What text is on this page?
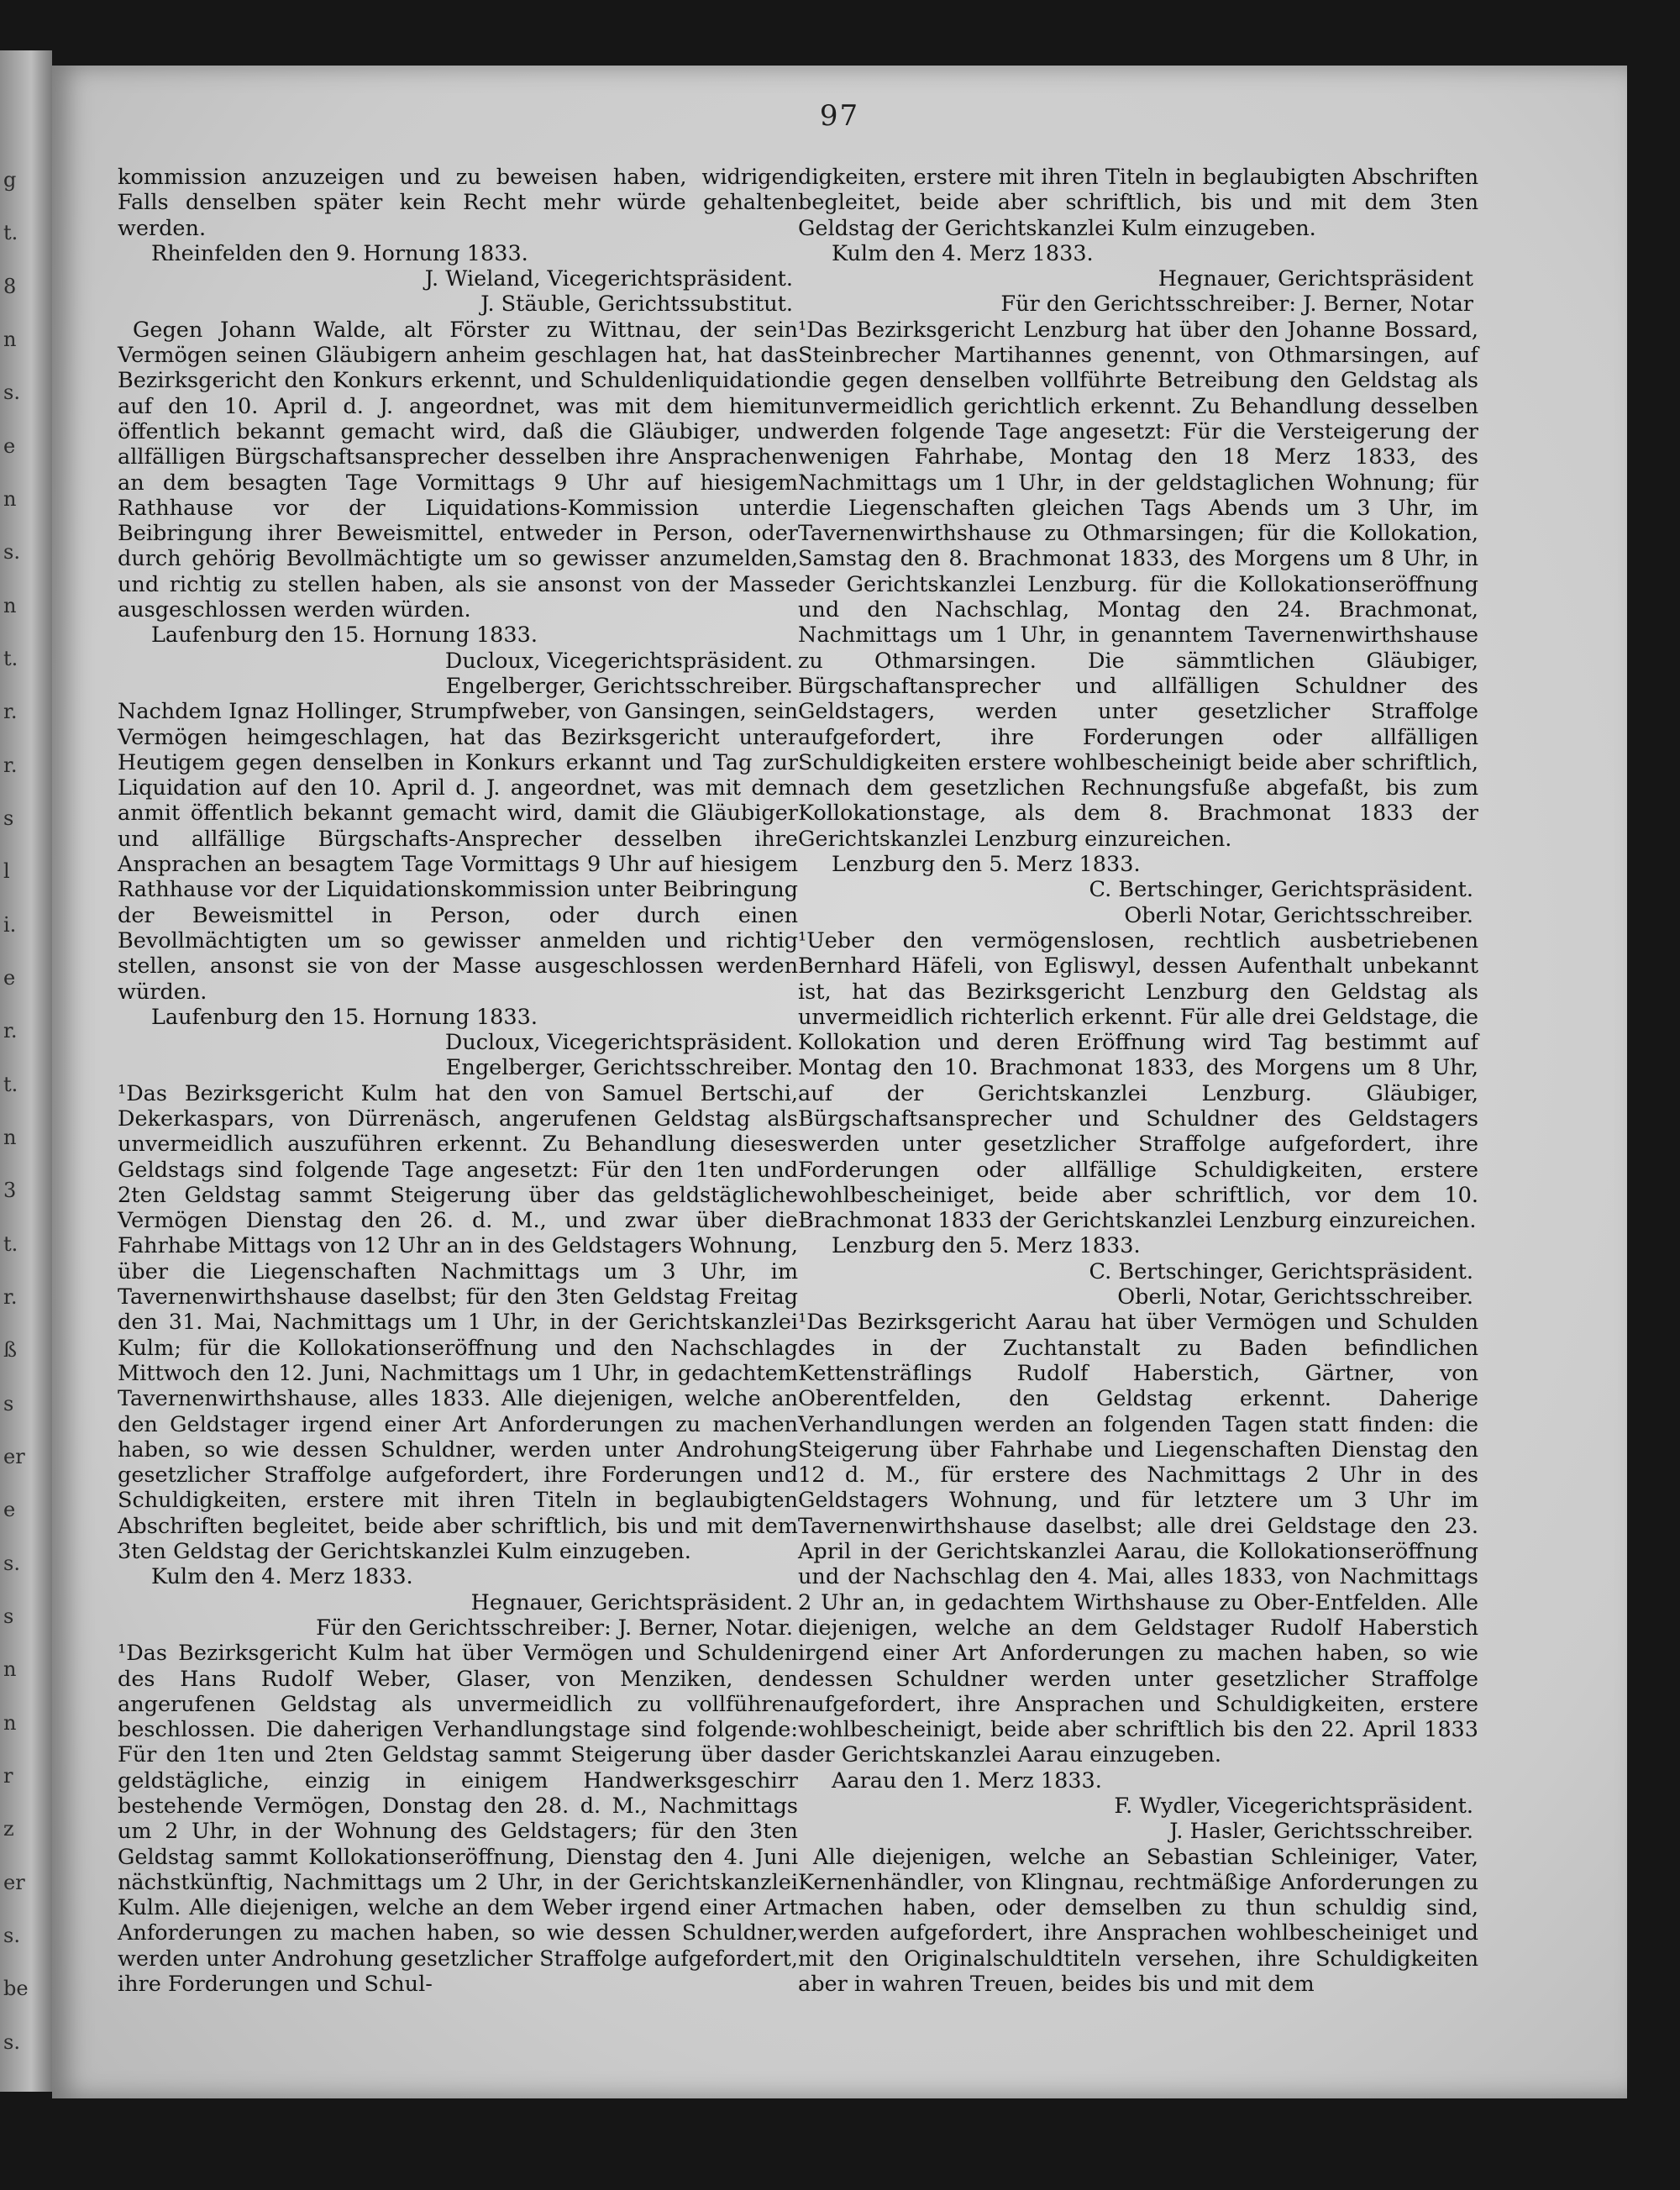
g
t.
8
n
s.
e
n
s.
n
t.
r.
r.
s
l
i.
e
r.
t.
n
3
t.
r.
ß
s
er
e
s.
s
n
n
r
z
er
s.
be
s.
97

kommission anzuzeigen und zu beweisen haben, widrigen Falls denselben später kein Recht mehr würde gehalten werden.

Rheinfelden den 9. Hornung 1833.
J. Wieland, Vicegerichtspräsident.
J. Stäuble, Gerichtssubstitut.

Gegen Johann Walde, alt Förster zu Wittnau, der sein Vermögen seinen Gläubigern anheim geschlagen hat, hat das Bezirksgericht den Konkurs erkennt, und Schuldenliquidation auf den 10. April d. J. angeordnet, was mit dem hiemit öffentlich bekannt gemacht wird, daß die Gläubiger, und allfälligen Bürgschaftsansprecher desselben ihre Ansprachen an dem besagten Tage Vormittags 9 Uhr auf hiesigem Rathhause vor der Liquidations-Kommission unter Beibringung ihrer Beweismittel, entweder in Person, oder durch gehörig Bevollmächtigte um so gewisser anzumelden, und richtig zu stellen haben, als sie ansonst von der Masse ausgeschlossen werden würden.

Laufenburg den 15. Hornung 1833.
Ducloux, Vicegerichtspräsident.
Engelberger, Gerichtsschreiber.

Nachdem Ignaz Hollinger, Strumpfweber, von Gansingen, sein Vermögen heimgeschlagen, hat das Bezirksgericht unter Heutigem gegen denselben in Konkurs erkannt und Tag zur Liquidation auf den 10. April d. J. angeordnet, was mit dem anmit öffentlich bekannt gemacht wird, damit die Gläubiger und allfällige Bürgschafts-Ansprecher desselben ihre Ansprachen an besagtem Tage Vormittags 9 Uhr auf hiesigem Rathhause vor der Liquidationskommission unter Beibringung der Beweismittel in Person, oder durch einen Bevollmächtigten um so gewisser anmelden und richtig stellen, ansonst sie von der Masse ausgeschlossen werden würden.

Laufenburg den 15. Hornung 1833.
Ducloux, Vicegerichtspräsident.
Engelberger, Gerichtsschreiber.

¹Das Bezirksgericht Kulm hat den von Samuel Bertschi, Dekerkaspars, von Dürrenäsch, angerufenen Geldstag als unvermeidlich auszuführen erkennt. Zu Behandlung dieses Geldstags sind folgende Tage angesetzt: Für den 1ten und 2ten Geldstag sammt Steigerung über das geldstägliche Vermögen Dienstag den 26. d. M., und zwar über die Fahrhabe Mittags von 12 Uhr an in des Geldstagers Wohnung, über die Liegenschaften Nachmittags um 3 Uhr, im Tavernenwirthshause daselbst; für den 3ten Geldstag Freitag den 31. Mai, Nachmittags um 1 Uhr, in der Gerichtskanzlei Kulm; für die Kollokationseröffnung und den Nachschlag Mittwoch den 12. Juni, Nachmittags um 1 Uhr, in gedachtem Tavernenwirthshause, alles 1833. Alle diejenigen, welche an den Geldstager irgend einer Art Anforderungen zu machen haben, so wie dessen Schuldner, werden unter Androhung gesetzlicher Straffolge aufgefordert, ihre Forderungen und Schuldigkeiten, erstere mit ihren Titeln in beglaubigten Abschriften begleitet, beide aber schriftlich, bis und mit dem 3ten Geldstag der Gerichtskanzlei Kulm einzugeben.

Kulm den 4. Merz 1833.
Hegnauer, Gerichtspräsident.
Für den Gerichtsschreiber: J. Berner, Notar.

¹Das Bezirksgericht Kulm hat über Vermögen und Schulden des Hans Rudolf Weber, Glaser, von Menziken, den angerufenen Geldstag als unvermeidlich zu vollführen beschlossen. Die daherigen Verhandlungstage sind folgende: Für den 1ten und 2ten Geldstag sammt Steigerung über das geldstägliche, einzig in einigem Handwerksgeschirr bestehende Vermögen, Donstag den 28. d. M., Nachmittags um 2 Uhr, in der Wohnung des Geldstagers; für den 3ten Geldstag sammt Kollokationseröffnung, Dienstag den 4. Juni nächstkünftig, Nachmittags um 2 Uhr, in der Gerichtskanzlei Kulm. Alle diejenigen, welche an dem Weber irgend einer Art Anforderungen zu machen haben, so wie dessen Schuldner, werden unter Androhung gesetzlicher Straffolge aufgefordert, ihre Forderungen und Schul-

digkeiten, erstere mit ihren Titeln in beglaubigten Abschriften begleitet, beide aber schriftlich, bis und mit dem 3ten Geldstag der Gerichtskanzlei Kulm einzugeben.

Kulm den 4. Merz 1833.
Hegnauer, Gerichtspräsident
Für den Gerichtsschreiber: J. Berner, Notar

¹Das Bezirksgericht Lenzburg hat über den Johanne Bossard, Steinbrecher Martihannes genennt, von Othmarsingen, auf die gegen denselben vollführte Betreibung den Geldstag als unvermeidlich gerichtlich erkennt. Zu Behandlung desselben werden folgende Tage angesetzt: Für die Versteigerung der wenigen Fahrhabe, Montag den 18 Merz 1833, des Nachmittags um 1 Uhr, in der geldstaglichen Wohnung; für die Liegenschaften gleichen Tags Abends um 3 Uhr, im Tavernenwirthshause zu Othmarsingen; für die Kollokation, Samstag den 8. Brachmonat 1833, des Morgens um 8 Uhr, in der Gerichtskanzlei Lenzburg. für die Kollokationseröffnung und den Nachschlag, Montag den 24. Brachmonat, Nachmittags um 1 Uhr, in genanntem Tavernenwirthshause zu Othmarsingen. Die sämmtlichen Gläubiger, Bürgschaftansprecher und allfälligen Schuldner des Geldstagers, werden unter gesetzlicher Straffolge aufgefordert, ihre Forderungen oder allfälligen Schuldigkeiten erstere wohlbescheinigt beide aber schriftlich, nach dem gesetzlichen Rechnungsfuße abgefaßt, bis zum Kollokationstage, als dem 8. Brachmonat 1833 der Gerichtskanzlei Lenzburg einzureichen.

Lenzburg den 5. Merz 1833.
C. Bertschinger, Gerichtspräsident.
Oberli Notar, Gerichtsschreiber.

¹Ueber den vermögenslosen, rechtlich ausbetriebenen Bernhard Häfeli, von Egliswyl, dessen Aufenthalt unbekannt ist, hat das Bezirksgericht Lenzburg den Geldstag als unvermeidlich richterlich erkennt. Für alle drei Geldstage, die Kollokation und deren Eröffnung wird Tag bestimmt auf Montag den 10. Brachmonat 1833, des Morgens um 8 Uhr, auf der Gerichtskanzlei Lenzburg. Gläubiger, Bürgschaftsansprecher und Schuldner des Geldstagers werden unter gesetzlicher Straffolge aufgefordert, ihre Forderungen oder allfällige Schuldigkeiten, erstere wohlbescheiniget, beide aber schriftlich, vor dem 10. Brachmonat 1833 der Gerichtskanzlei Lenzburg einzureichen.

Lenzburg den 5. Merz 1833.
C. Bertschinger, Gerichtspräsident.
Oberli, Notar, Gerichtsschreiber.

¹Das Bezirksgericht Aarau hat über Vermögen und Schulden des in der Zuchtanstalt zu Baden befindlichen Kettensträflings Rudolf Haberstich, Gärtner, von Oberentfelden, den Geldstag erkennt. Daherige Verhandlungen werden an folgenden Tagen statt finden: die Steigerung über Fahrhabe und Liegenschaften Dienstag den 12 d. M., für erstere des Nachmittags 2 Uhr in des Geldstagers Wohnung, und für letztere um 3 Uhr im Tavernenwirthshause daselbst; alle drei Geldstage den 23. April in der Gerichtskanzlei Aarau, die Kollokationseröffnung und der Nachschlag den 4. Mai, alles 1833, von Nachmittags 2 Uhr an, in gedachtem Wirthshause zu Ober-Entfelden. Alle diejenigen, welche an dem Geldstager Rudolf Haberstich irgend einer Art Anforderungen zu machen haben, so wie dessen Schuldner werden unter gesetzlicher Straffolge aufgefordert, ihre Ansprachen und Schuldigkeiten, erstere wohlbescheinigt, beide aber schriftlich bis den 22. April 1833 der Gerichtskanzlei Aarau einzugeben.

Aarau den 1. Merz 1833.
F. Wydler, Vicegerichtspräsident.
J. Hasler, Gerichtsschreiber.

Alle diejenigen, welche an Sebastian Schleiniger, Vater, Kernenhändler, von Klingnau, rechtmäßige Anforderungen zu machen haben, oder demselben zu thun schuldig sind, werden aufgefordert, ihre Ansprachen wohlbescheiniget und mit den Originalschuldtiteln versehen, ihre Schuldigkeiten aber in wahren Treuen, beides bis und mit dem
